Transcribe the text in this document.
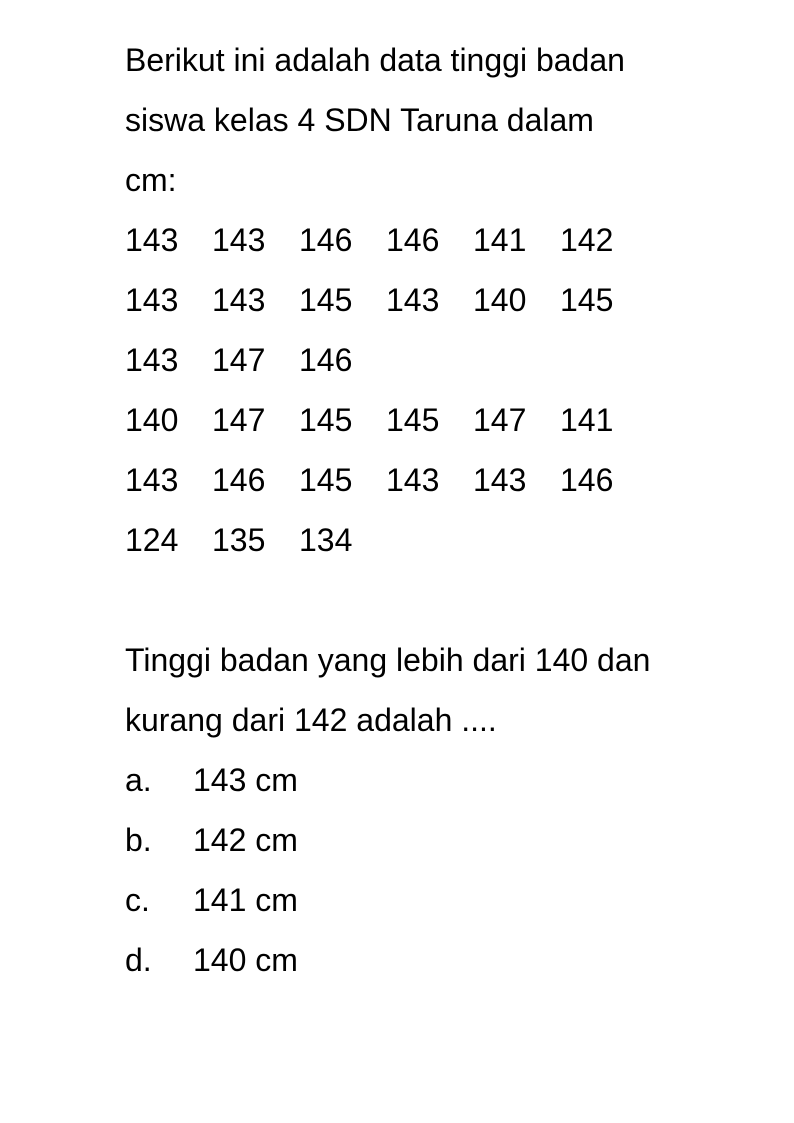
Berikut ini adalah data tinggi badan
siswa kelas 4 SDN Taruna dalam
cm:
143	143	146	146	141	142
143	143	145	143	140	145
143	147	146
140	147	145	145	147	141
143	146	145	143	143	146
124	135	134
Tinggi badan yang lebih dari 140 dan
kurang dari 142 adalah ....
a.	143 cm
b.	142 cm
c.	141 cm
d.	140 cm
